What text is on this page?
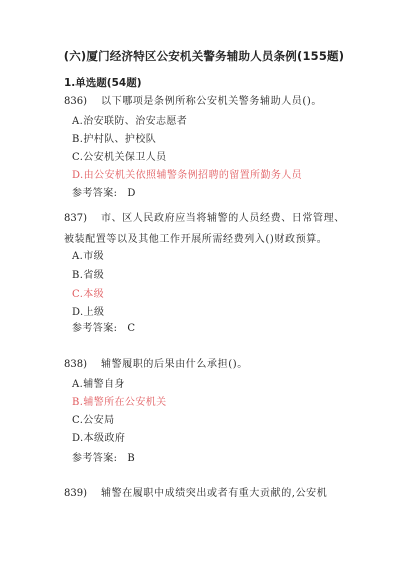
(六)厦门经济特区公安机关警务辅助人员条例(155题)
1.单选题(54题)
836) 以下哪项是条例所称公安机关警务辅助人员()。
A.治安联防、治安志愿者
B.护村队、护校队
C.公安机关保卫人员
D.由公安机关依照辅警条例招聘的留置所勤务人员
参考答案: D
837) 市、区人民政府应当将辅警的人员经费、日常管理、
被装配置等以及其他工作开展所需经费列入()财政预算。
A.市级
B.省级
C.本级
D.上级
参考答案: C
838) 辅警履职的后果由什么承担()。
A.辅警自身
B.辅警所在公安机关
C.公安局
D.本级政府
参考答案: B
839) 辅警在履职中成绩突出或者有重大贡献的,公安机
